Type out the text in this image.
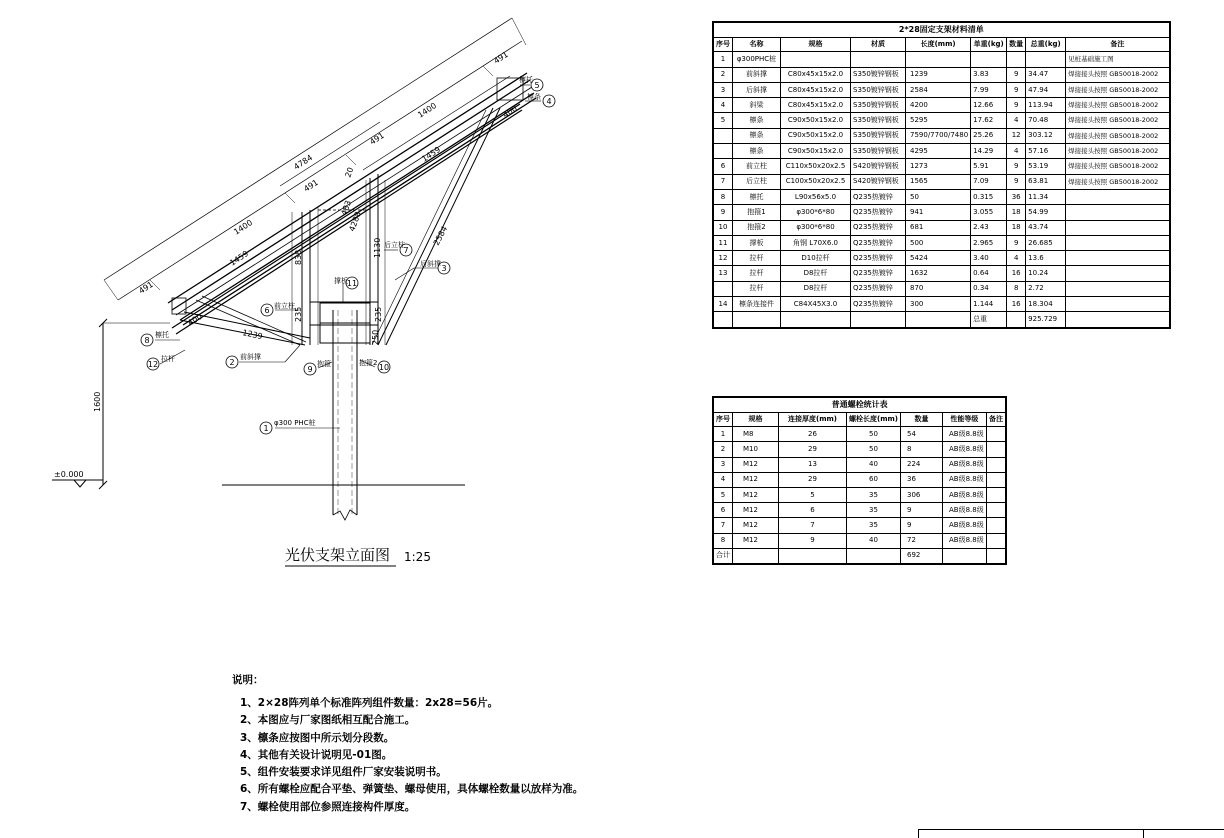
4784
491
1400
491
491
1400
491
20
400
1459
483
4288
2584
1459
1239
838	1130
400	235	235
250
1600
±0.000
1
2
3
4
5
6
7
8
9	10
11
12
φ300 PHC桩
前斜撑
后斜撑
檩条
檩托
前立柱
后立柱
檩托
抱箍	抱箍2
撑板
拉杆
光伏支架立面图 1:25
2*28固定支架材料清单								
序号	名称	规格	材质	长度(mm)	单重(kg)	数量	总重(kg)	备注
1	φ300PHC桩							见桩基础施工图
2	前斜撑	C80x45x15x2.0	S350镀锌钢板	1239	3.83	9	34.47	焊接接头按照 GB50018-2002
3	后斜撑	C80x45x15x2.0	S350镀锌钢板	2584	7.99	9	47.94	焊接接头按照 GB50018-2002
4	斜梁	C80x45x15x2.0	S350镀锌钢板	4200	12.66	9	113.94	焊接接头按照 GB50018-2002
5	檩条	C90x50x15x2.0	S350镀锌钢板	5295	17.62	4	70.48	焊接接头按照 GB50018-2002
	檩条	C90x50x15x2.0	S350镀锌钢板	7590/7700/7480	25.26	12	303.12	焊接接头按照 GB50018-2002
	檩条	C90x50x15x2.0	S350镀锌钢板	4295	14.29	4	57.16	焊接接头按照 GB50018-2002
6	前立柱	C110x50x20x2.5	S420镀锌钢板	1273	5.91	9	53.19	焊接接头按照 GB50018-2002
7	后立柱	C100x50x20x2.5	S420镀锌钢板	1565	7.09	9	63.81	焊接接头按照 GB50018-2002
8	檩托	L90x56x5.0	Q235热镀锌	50	0.315	36	11.34	
9	抱箍1	φ300*6*80	Q235热镀锌	941	3.055	18	54.99	
10	抱箍2	φ300*6*80	Q235热镀锌	681	2.43	18	43.74	
11	撑板	角钢 L70X6.0	Q235热镀锌	500	2.965	9	26.685	
12	拉杆	D10拉杆	Q235热镀锌	5424	3.40	4	13.6	
13	拉杆	D8拉杆	Q235热镀锌	1632	0.64	16	10.24	
	拉杆	D8拉杆	Q235热镀锌	870	0.34	8	2.72	
14	檩条连接件	C84X45X3.0	Q235热镀锌	300	1.144	16	18.304	
					总重		925.729	
普通螺栓统计表						
序号	规格	连接厚度(mm)	螺栓长度(mm)	数量	性能等级	备注
1	M8	26	50	54	AB级8.8级	
2	M10	29	50	8	AB级8.8级	
3	M12	13	40	224	AB级8.8级	
4	M12	29	60	36	AB级8.8级	
5	M12	5	35	306	AB级8.8级	
6	M12	6	35	9	AB级8.8级	
7	M12	7	35	9	AB级8.8级	
8	M12	9	40	72	AB级8.8级	
合计				692		
说明：
1、2×28阵列单个标准阵列组件数量：2x28=56片。
2、本图应与厂家图纸相互配合施工。
3、檩条应按图中所示划分段数。
4、其他有关设计说明见-01图。
5、组件安装要求详见组件厂家安装说明书。
6、所有螺栓应配合平垫、弹簧垫、螺母使用，具体螺栓数量以放样为准。
7、螺栓使用部位参照连接构件厚度。
